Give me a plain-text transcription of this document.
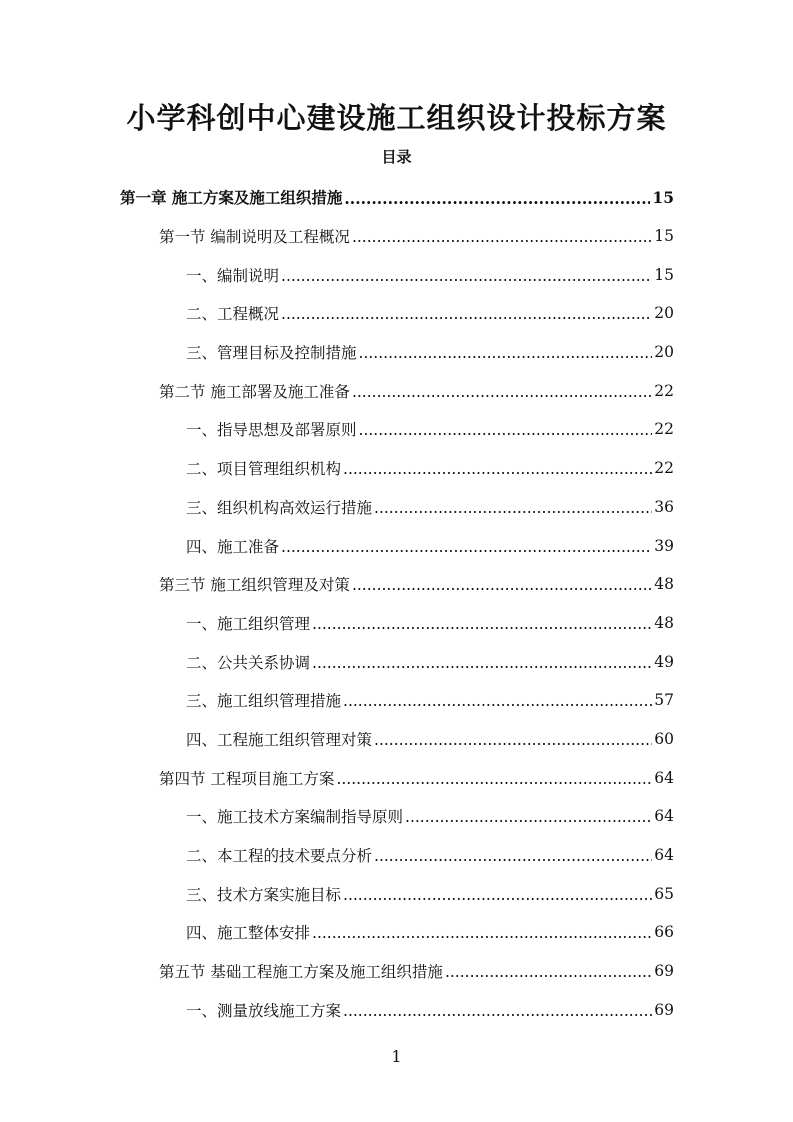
小学科创中心建设施工组织设计投标方案
目录
第一章 施工方案及施工组织措施 .....	15
第一节 编制说明及工程概况 .....	15
一、编制说明 .....	15
二、工程概况 .....	20
三、管理目标及控制措施 .....	20
第二节 施工部署及施工准备 .....	22
一、指导思想及部署原则 .....	22
二、项目管理组织机构 .....	22
三、组织机构高效运行措施 .....	36
四、施工准备 .....	39
第三节 施工组织管理及对策 .....	48
一、施工组织管理 .....	48
二、公共关系协调 .....	49
三、施工组织管理措施 .....	57
四、工程施工组织管理对策 .....	60
第四节 工程项目施工方案 .....	64
一、施工技术方案编制指导原则 .....	64
二、本工程的技术要点分析 .....	64
三、技术方案实施目标 .....	65
四、施工整体安排 .....	66
第五节 基础工程施工方案及施工组织措施 .....	69
一、测量放线施工方案 .....	69
1
